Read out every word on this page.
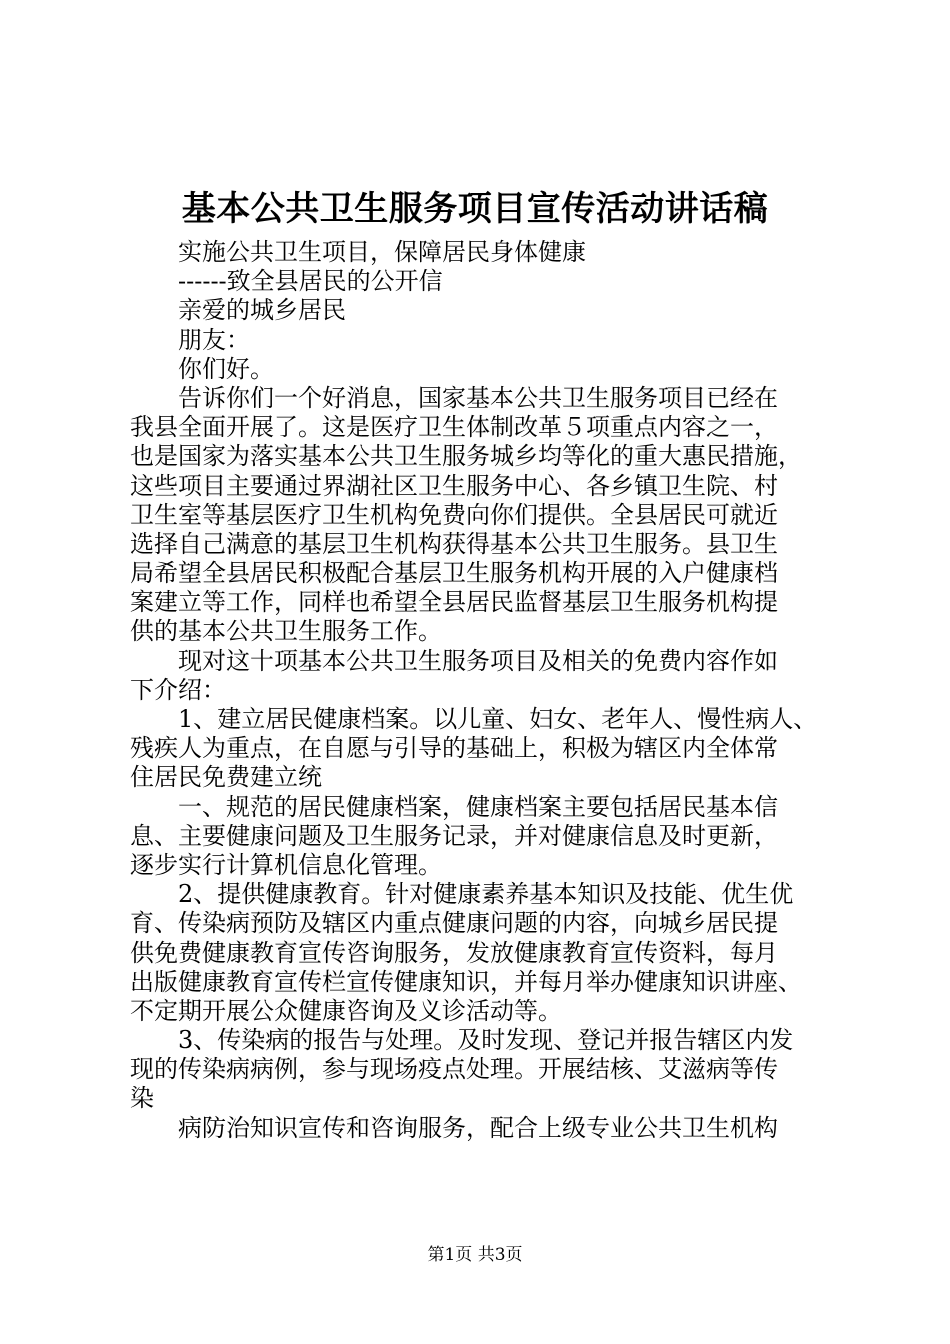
基本公共卫生服务项目宣传活动讲话稿
实施公共卫生项目，保障居民身体健康
------致全县居民的公开信
亲爱的城乡居民
朋友：
你们好。
告诉你们一个好消息，国家基本公共卫生服务项目已经在
我县全面开展了。这是医疗卫生体制改革５项重点内容之一，
也是国家为落实基本公共卫生服务城乡均等化的重大惠民措施，
这些项目主要通过界湖社区卫生服务中心、各乡镇卫生院、村
卫生室等基层医疗卫生机构免费向你们提供。全县居民可就近
选择自己满意的基层卫生机构获得基本公共卫生服务。县卫生
局希望全县居民积极配合基层卫生服务机构开展的入户健康档
案建立等工作，同样也希望全县居民监督基层卫生服务机构提
供的基本公共卫生服务工作。
现对这十项基本公共卫生服务项目及相关的免费内容作如
下介绍：
1、建立居民健康档案。以儿童、妇女、老年人、慢性病人、
残疾人为重点，在自愿与引导的基础上，积极为辖区内全体常
住居民免费建立统
一、规范的居民健康档案，健康档案主要包括居民基本信
息、主要健康问题及卫生服务记录，并对健康信息及时更新，
逐步实行计算机信息化管理。
2、提供健康教育。针对健康素养基本知识及技能、优生优
育、传染病预防及辖区内重点健康问题的内容，向城乡居民提
供免费健康教育宣传咨询服务，发放健康教育宣传资料，每月
出版健康教育宣传栏宣传健康知识，并每月举办健康知识讲座、
不定期开展公众健康咨询及义诊活动等。
3、传染病的报告与处理。及时发现、登记并报告辖区内发
现的传染病病例，参与现场疫点处理。开展结核、艾滋病等传
染
病防治知识宣传和咨询服务，配合上级专业公共卫生机构
第1页 共3页
